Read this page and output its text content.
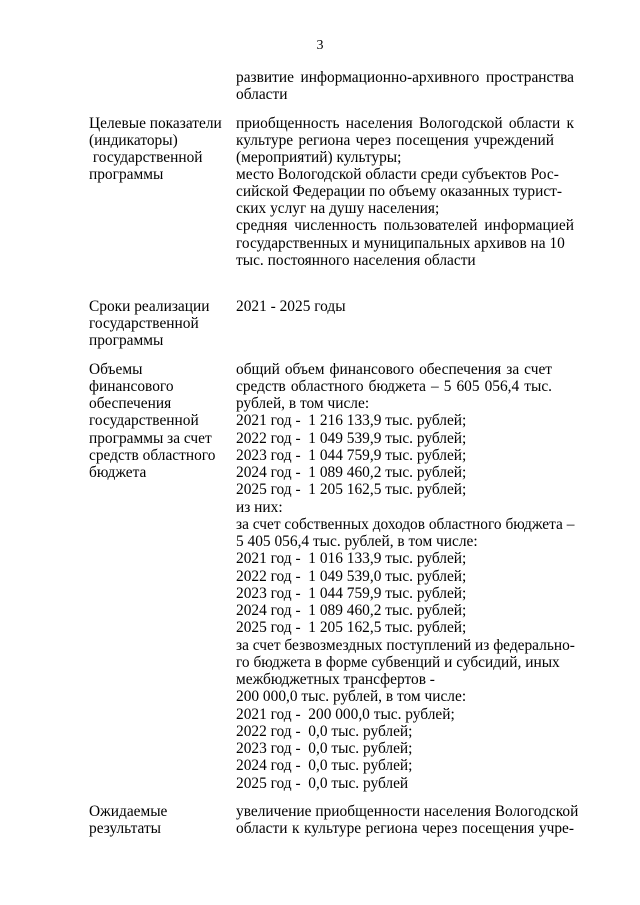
3
развитие информационно-архивного пространства
области
Целевые показатели
(индикаторы)
государственной
программы
приобщенность населения Вологодской области к
культуре региона через посещения учреждений
(мероприятий) культуры;
место Вологодской области среди субъектов Рос-
сийской Федерации по объему оказанных турист-
ских услуг на душу населения;
средняя численность пользователей информацией
государственных и муниципальных архивов на 10
тыс. постоянного населения области
Сроки реализации
государственной
программы
2021 - 2025 годы
Объемы
финансового
обеспечения
государственной
программы за счет
средств областного
бюджета
общий объем финансового обеспечения за счет
средств областного бюджета – 5 605 056,4 тыс.
рублей, в том числе:
2021 год -  1 216 133,9 тыс. рублей;
2022 год -  1 049 539,9 тыс. рублей;
2023 год -  1 044 759,9 тыс. рублей;
2024 год -  1 089 460,2 тыс. рублей;
2025 год -  1 205 162,5 тыс. рублей;
из них:
за счет собственных доходов областного бюджета –
5 405 056,4 тыс. рублей, в том числе:
2021 год -  1 016 133,9 тыс. рублей;
2022 год -  1 049 539,0 тыс. рублей;
2023 год -  1 044 759,9 тыс. рублей;
2024 год -  1 089 460,2 тыс. рублей;
2025 год -  1 205 162,5 тыс. рублей;
за счет безвозмездных поступлений из федерально-
го бюджета в форме субвенций и субсидий, иных
межбюджетных трансфертов -
200 000,0 тыс. рублей, в том числе:
2021 год -  200 000,0 тыс. рублей;
2022 год -  0,0 тыс. рублей;
2023 год -  0,0 тыс. рублей;
2024 год -  0,0 тыс. рублей;
2025 год -  0,0 тыс. рублей
Ожидаемые
результаты
увеличение приобщенности населения Вологодской
области к культуре региона через посещения учре-
